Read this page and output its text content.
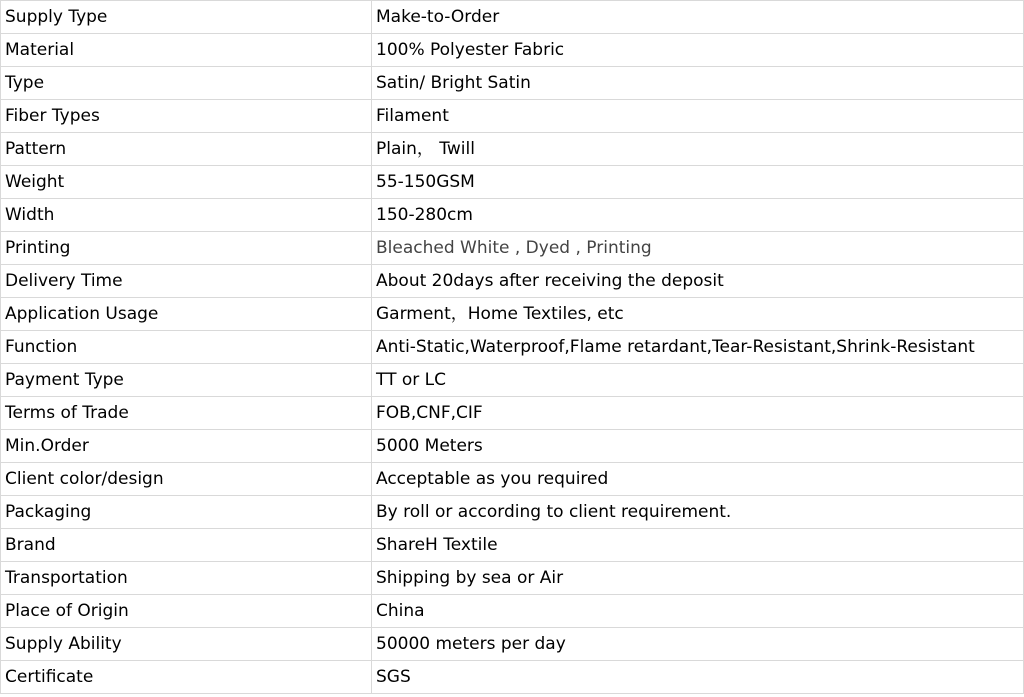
Supply Type	Make-to-Order
Material	100% Polyester Fabric
Type	Satin/ Bright Satin
Fiber Types	Filament
Pattern	Plain， Twill
Weight	55-150GSM
Width	150-280cm
Printing	Bleached White , Dyed , Printing
Delivery Time	About 20days after receiving the deposit
Application Usage	Garment，Home Textiles, etc
Function	Anti-Static,Waterproof,Flame retardant,Tear-Resistant,Shrink-Resistant
Payment Type	TT or LC
Terms of Trade	FOB,CNF,CIF
Min.Order	5000 Meters
Client color/design	Acceptable as you required
Packaging	By roll or according to client requirement.
Brand	ShareH Textile
Transportation	Shipping by sea or Air
Place of Origin	China
Supply Ability	50000 meters per day
Certificate	SGS
